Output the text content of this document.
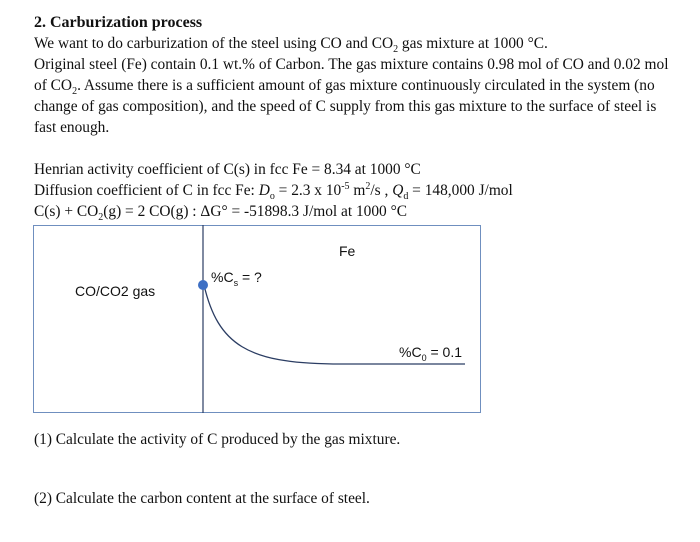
2. Carburization process

We want to do carburization of the steel using CO and $CO_2$ gas mixture at 1000 °C.

Original steel (Fe) contain 0.1 wt.% of Carbon. The gas mixture contains 0.98 mol of CO and 0.02 mol of $CO_2$. Assume there is a sufficient amount of gas mixture continuously circulated in the system (no change of gas composition), and the speed of C supply from this gas mixture to the surface of steel is fast enough.

Henrian activity coefficient of C(s) in fcc Fe = 8.34 at 1000 °C

Diffusion coefficient of C in fcc Fe: $D_o = 2.3$ x $10^{-5}$ $m^2/s$ , $Q_d = 148,000$ J/mol

$C(s) + CO_2(g) = 2$ CO(g) : ΔG° = -51898.3 J/mol at 1000 °C

CO/CO2 gas
Fe
$\%C_s$ = ?
$\%C_0 = 0.1$

(1) Calculate the activity of C produced by the gas mixture.

(2) Calculate the carbon content at the surface of steel.
